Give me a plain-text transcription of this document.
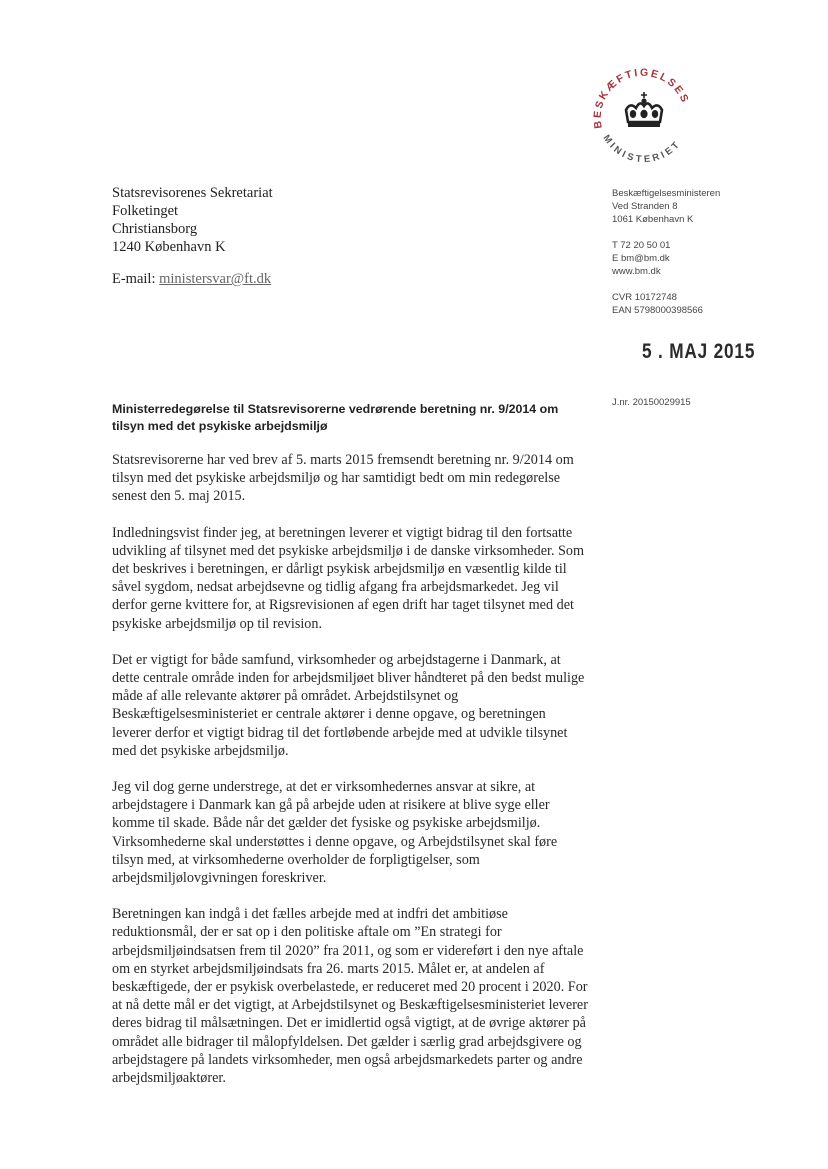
BESKÆFTIGELSES
MINISTERIET
Statsrevisorenes Sekretariat
Folketinget
Christiansborg
1240 København K
E-mail: ministersvar@ft.dk
Beskæftigelsesministeren
Ved Stranden 8
1061 København K
T 72 20 50 01
E bm@bm.dk
www.bm.dk
CVR 10172748
EAN 5798000398566
5 . MAJ 2015
J.nr. 20150029915
Ministerredegørelse til Statsrevisorerne vedrørende beretning nr. 9/2014 om tilsyn med det psykiske arbejdsmiljø

Statsrevisorerne har ved brev af 5. marts 2015 fremsendt beretning nr. 9/2014 om tilsyn med det psykiske arbejdsmiljø og har samtidigt bedt om min redegørelse senest den 5. maj 2015.

Indledningsvist finder jeg, at beretningen leverer et vigtigt bidrag til den fortsatte udvikling af tilsynet med det psykiske arbejdsmiljø i de danske virksomheder. Som det beskrives i beretningen, er dårligt psykisk arbejdsmiljø en væsentlig kilde til såvel sygdom, nedsat arbejdsevne og tidlig afgang fra arbejdsmarkedet. Jeg vil derfor gerne kvittere for, at Rigsrevisionen af egen drift har taget tilsynet med det psykiske arbejdsmiljø op til revision.

Det er vigtigt for både samfund, virksomheder og arbejdstagerne i Danmark, at dette centrale område inden for arbejdsmiljøet bliver håndteret på den bedst mulige måde af alle relevante aktører på området. Arbejdstilsynet og Beskæftigelsesministeriet er centrale aktører i denne opgave, og beretningen leverer derfor et vigtigt bidrag til det fortløbende arbejde med at udvikle tilsynet med det psykiske arbejdsmiljø.

Jeg vil dog gerne understrege, at det er virksomhedernes ansvar at sikre, at arbejdstagere i Danmark kan gå på arbejde uden at risikere at blive syge eller komme til skade. Både når det gælder det fysiske og psykiske arbejdsmiljø. Virksomhederne skal understøttes i denne opgave, og Arbejdstilsynet skal føre tilsyn med, at virksomhederne overholder de forpligtigelser, som arbejdsmiljølovgivningen foreskriver.

Beretningen kan indgå i det fælles arbejde med at indfri det ambitiøse reduktionsmål, der er sat op i den politiske aftale om ”En strategi for arbejdsmiljøindsatsen frem til 2020” fra 2011, og som er videreført i den nye aftale om en styrket arbejdsmiljøindsats fra 26. marts 2015. Målet er, at andelen af beskæftigede, der er psykisk overbelastede, er reduceret med 20 procent i 2020. For at nå dette mål er det vigtigt, at Arbejdstilsynet og Beskæftigelsesministeriet leverer deres bidrag til målsætningen. Det er imidlertid også vigtigt, at de øvrige aktører på området alle bidrager til målopfyldelsen. Det gælder i særlig grad arbejdsgivere og arbejdstagere på landets virksomheder, men også arbejdsmarkedets parter og andre arbejdsmiljøaktører.
